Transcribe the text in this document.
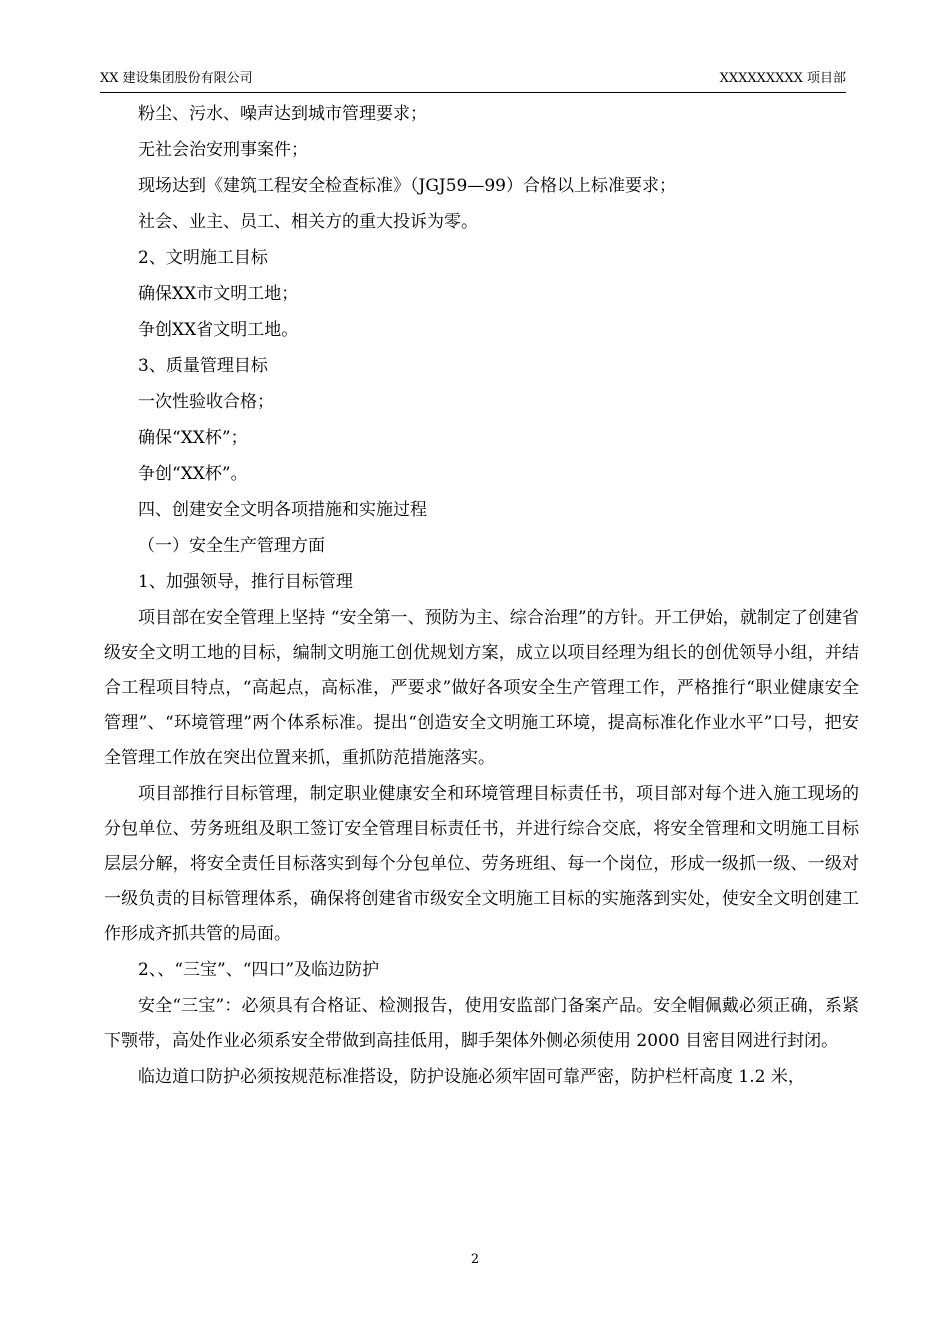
XX 建设集团股份有限公司	XXXXXXXXX 项目部

粉尘、污水、噪声达到城市管理要求；

无社会治安刑事案件；

现场达到《建筑工程安全检查标准》（JGJ59—99）合格以上标准要求；

社会、业主、员工、相关方的重大投诉为零。

2、文明施工目标

确保XX市文明工地；

争创XX省文明工地。

3、质量管理目标

一次性验收合格；

确保“XX杯”；

争创“XX杯”。

四、创建安全文明各项措施和实施过程

（一）安全生产管理方面

1、加强领导，推行目标管理

项目部在安全管理上坚持 “安全第一、预防为主、综合治理”的方针。开工伊始，就制定了创建省级安全文明工地的目标，编制文明施工创优规划方案，成立以项目经理为组长的创优领导小组，并结合工程项目特点，“高起点，高标准，严要求”做好各项安全生产管理工作，严格推行“职业健康安全管理”、“环境管理”两个体系标准。提出“创造安全文明施工环境，提高标准化作业水平”口号，把安全管理工作放在突出位置来抓，重抓防范措施落实。

项目部推行目标管理，制定职业健康安全和环境管理目标责任书，项目部对每个进入施工现场的分包单位、劳务班组及职工签订安全管理目标责任书，并进行综合交底，将安全管理和文明施工目标层层分解，将安全责任目标落实到每个分包单位、劳务班组、每一个岗位，形成一级抓一级、一级对一级负责的目标管理体系，确保将创建省市级安全文明施工目标的实施落到实处，使安全文明创建工作形成齐抓共管的局面。

2、、“三宝”、“四口”及临边防护

安全“三宝”：必须具有合格证、检测报告，使用安监部门备案产品。安全帽佩戴必须正确，系紧下颚带，高处作业必须系安全带做到高挂低用，脚手架体外侧必须使用 2000 目密目网进行封闭。

临边道口防护必须按规范标准搭设，防护设施必须牢固可靠严密，防护栏杆高度 1.2 米，

2
